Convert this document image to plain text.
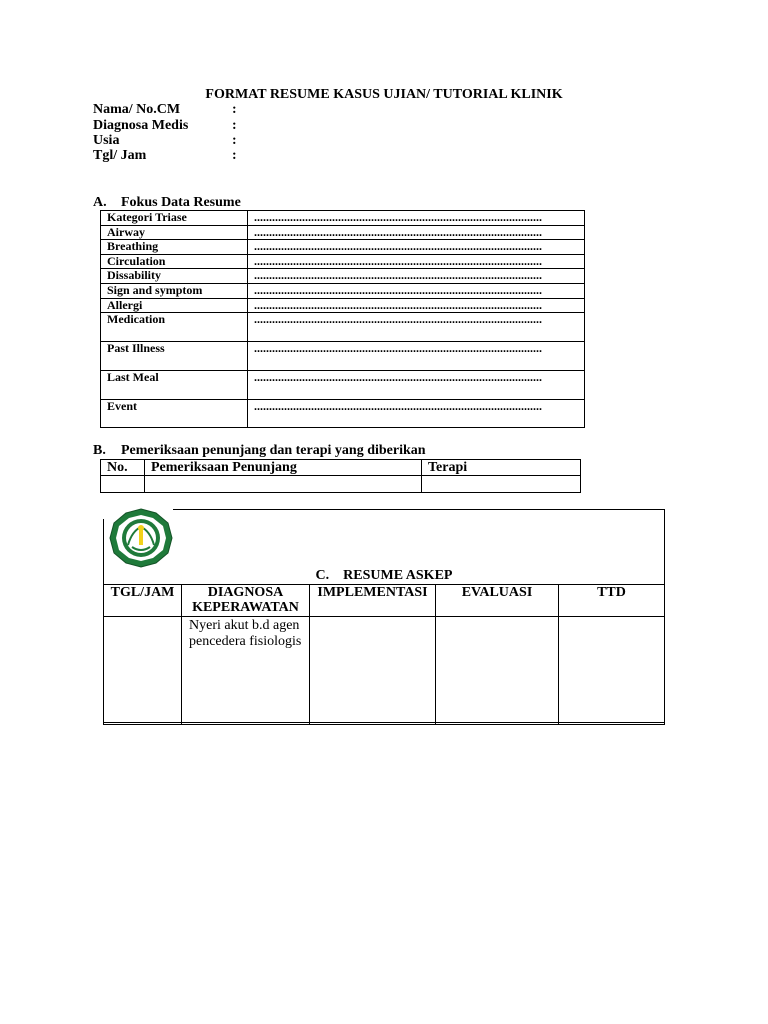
FORMAT RESUME KASUS UJIAN/ TUTORIAL KLINIK
Nama/ No.CM	:
Diagnosa Medis	:
Usia	:
Tgl/ Jam	:
A. Fokus Data Resume
Kategori Triase	................................................................................................
Airway	................................................................................................
Breathing	................................................................................................
Circulation	................................................................................................
Dissability	................................................................................................
Sign and symptom	................................................................................................
Allergi	................................................................................................
Medication	................................................................................................
Past Illness	................................................................................................
Last Meal	................................................................................................
Event	................................................................................................
B. Pemeriksaan penunjang dan terapi yang diberikan
No.	Pemeriksaan Penunjang	Terapi

C. RESUME ASKEP
TGL/JAM	DIAGNOSA KEPERAWATAN	IMPLEMENTASI	EVALUASI	TTD
	Nyeri akut b.d agen pencedera fisiologis			
